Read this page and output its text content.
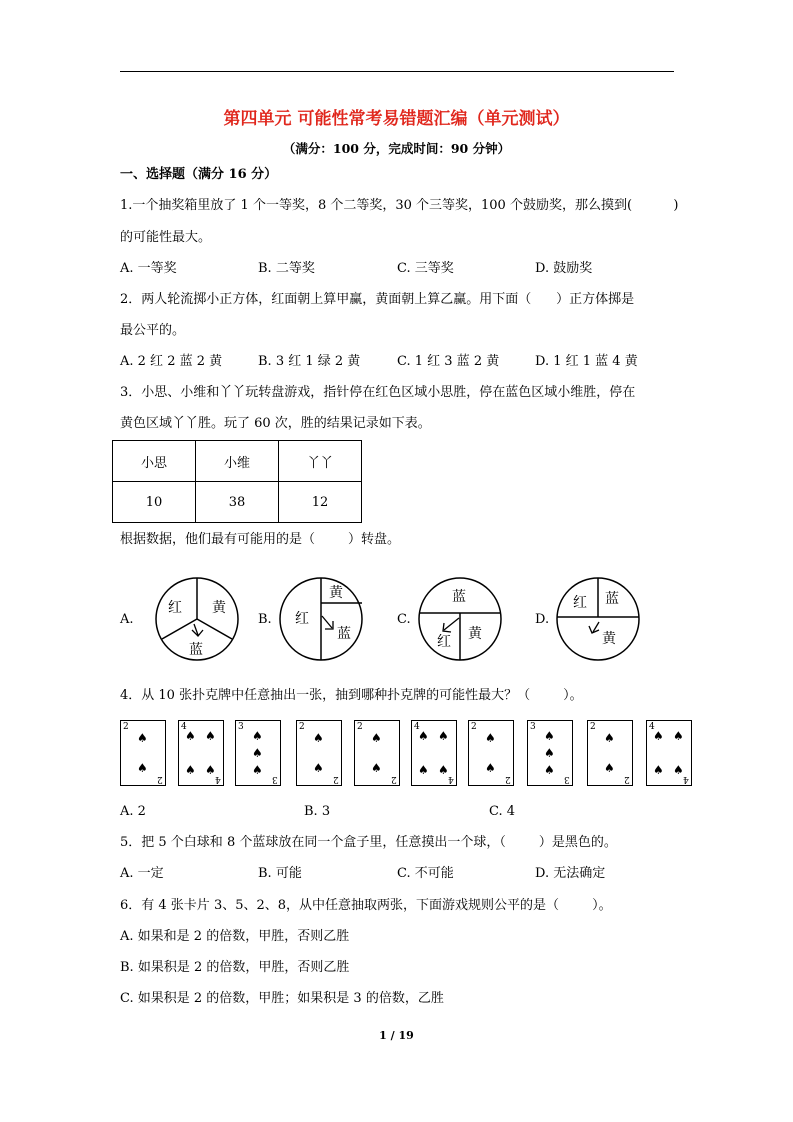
第四单元 可能性常考易错题汇编（单元测试）
（满分：100 分，完成时间：90 分钟）
一、选择题（满分 16 分）
1.一个抽奖箱里放了 1 个一等奖，8 个二等奖，30 个三等奖，100 个鼓励奖，那么摸到(          )
的可能性最大。
A. 一等奖	B. 二等奖	C. 三等奖	D. 鼓励奖
2．两人轮流掷小正方体，红面朝上算甲赢，黄面朝上算乙赢。用下面（      ）正方体掷是
最公平的。
A. 2 红 2 蓝 2 黄	B. 3 红 1 绿 2 黄	C. 1 红 3 蓝 2 黄	D. 1 红 1 蓝 4 黄
3．小思、小维和丫丫玩转盘游戏，指针停在红色区域小思胜，停在蓝色区域小维胜，停在
黄色区域丫丫胜。玩了 60 次，胜的结果记录如下表。
小思	小维	丫丫
10	38	12
根据数据，他们最有可能用的是（        ）转盘。
A.	B.	C.	D.
红 黄
蓝
黄
红
蓝
蓝
红 黄
红 蓝
黄
4．从 10 张扑克牌中任意抽出一张，抽到哪种扑克牌的可能性最大？（        ）。
2
2
♠
♠
4
4
♠ ♠
♠ ♠
3
3
♠
♠
♠
2
2
♠
♠
2
2
♠
♠
4
4
♠ ♠
♠ ♠
2
2
♠
♠
3
3
♠
♠
♠
2
2
♠
♠
4
4
♠ ♠
♠ ♠
A. 2	B. 3	C. 4
5．把 5 个白球和 8 个蓝球放在同一个盒子里，任意摸出一个球，（        ）是黑色的。
A. 一定	B. 可能	C. 不可能	D. 无法确定
6．有 4 张卡片 3、5、2、8，从中任意抽取两张，下面游戏规则公平的是（        ）。
A. 如果和是 2 的倍数，甲胜，否则乙胜
B. 如果积是 2 的倍数，甲胜，否则乙胜
C. 如果积是 2 的倍数，甲胜；如果积是 3 的倍数，乙胜
1 / 19
